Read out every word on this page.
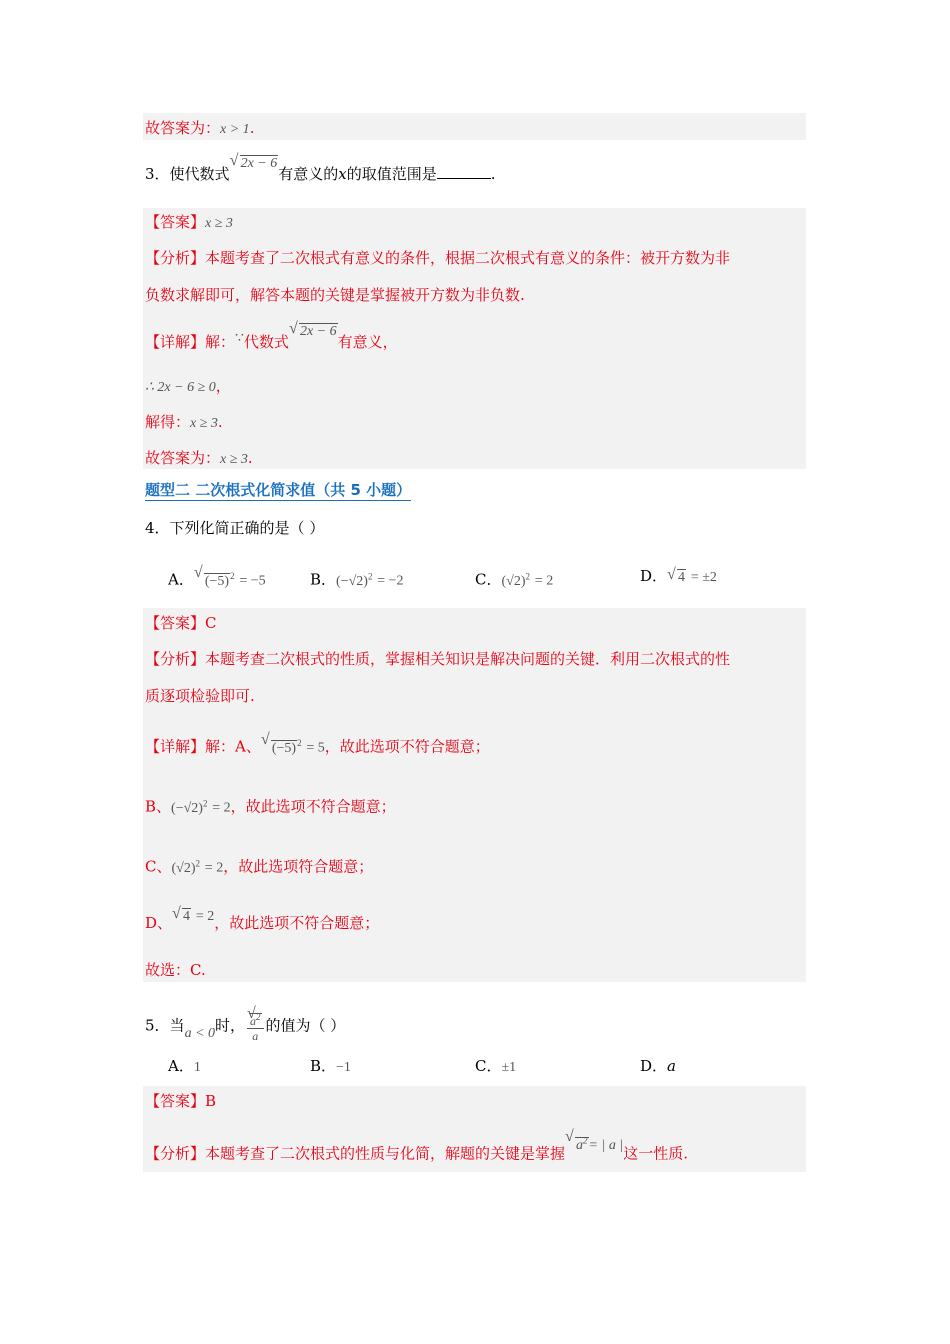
故答案为：x > 1.
3．使代数式√ 2x − 6有意义的x的取值范围是	.
【答案】x ≥ 3
【分析】本题考查了二次根式有意义的条件，根据二次根式有意义的条件：被开方数为非
负数求解即可，解答本题的关键是掌握被开方数为非负数.
【详解】解：∵代数式√ 2x − 6有意义，
∴ 2x − 6 ≥ 0，
解得：x ≥ 3.
故答案为：x ≥ 3.
题型二 二次根式化简求值（共 5 小题）
4．下列化简正确的是（ ）
A． √ $(-5)^2 = -5$	B．$(-√2)^2 = -2$	C．$(√2)^2 = 2$	D． √ 4 = ±2
【答案】C
【分析】本题考查二次根式的性质，掌握相关知识是解决问题的关键．利用二次根式的性
质逐项检验即可.
【详解】解：A、 √ $(-5)^2 = 5$，故此选项不符合题意；
B、$(-√2)^2 = 2$，故此选项不符合题意；
C、$(√2)^2 = 2$，故此选项符合题意；
D、 √ 4 = 2，故此选项不符合题意；
故选：C.
5．当a < 0时， √ $\frac{a^2}{a}$ 的值为（ ）
A．1	B．−1	C．±1	D．a
【答案】B
【分析】本题考查了二次根式的性质与化简，解题的关键是掌握 √ $a^2=$ | a |这一性质.
